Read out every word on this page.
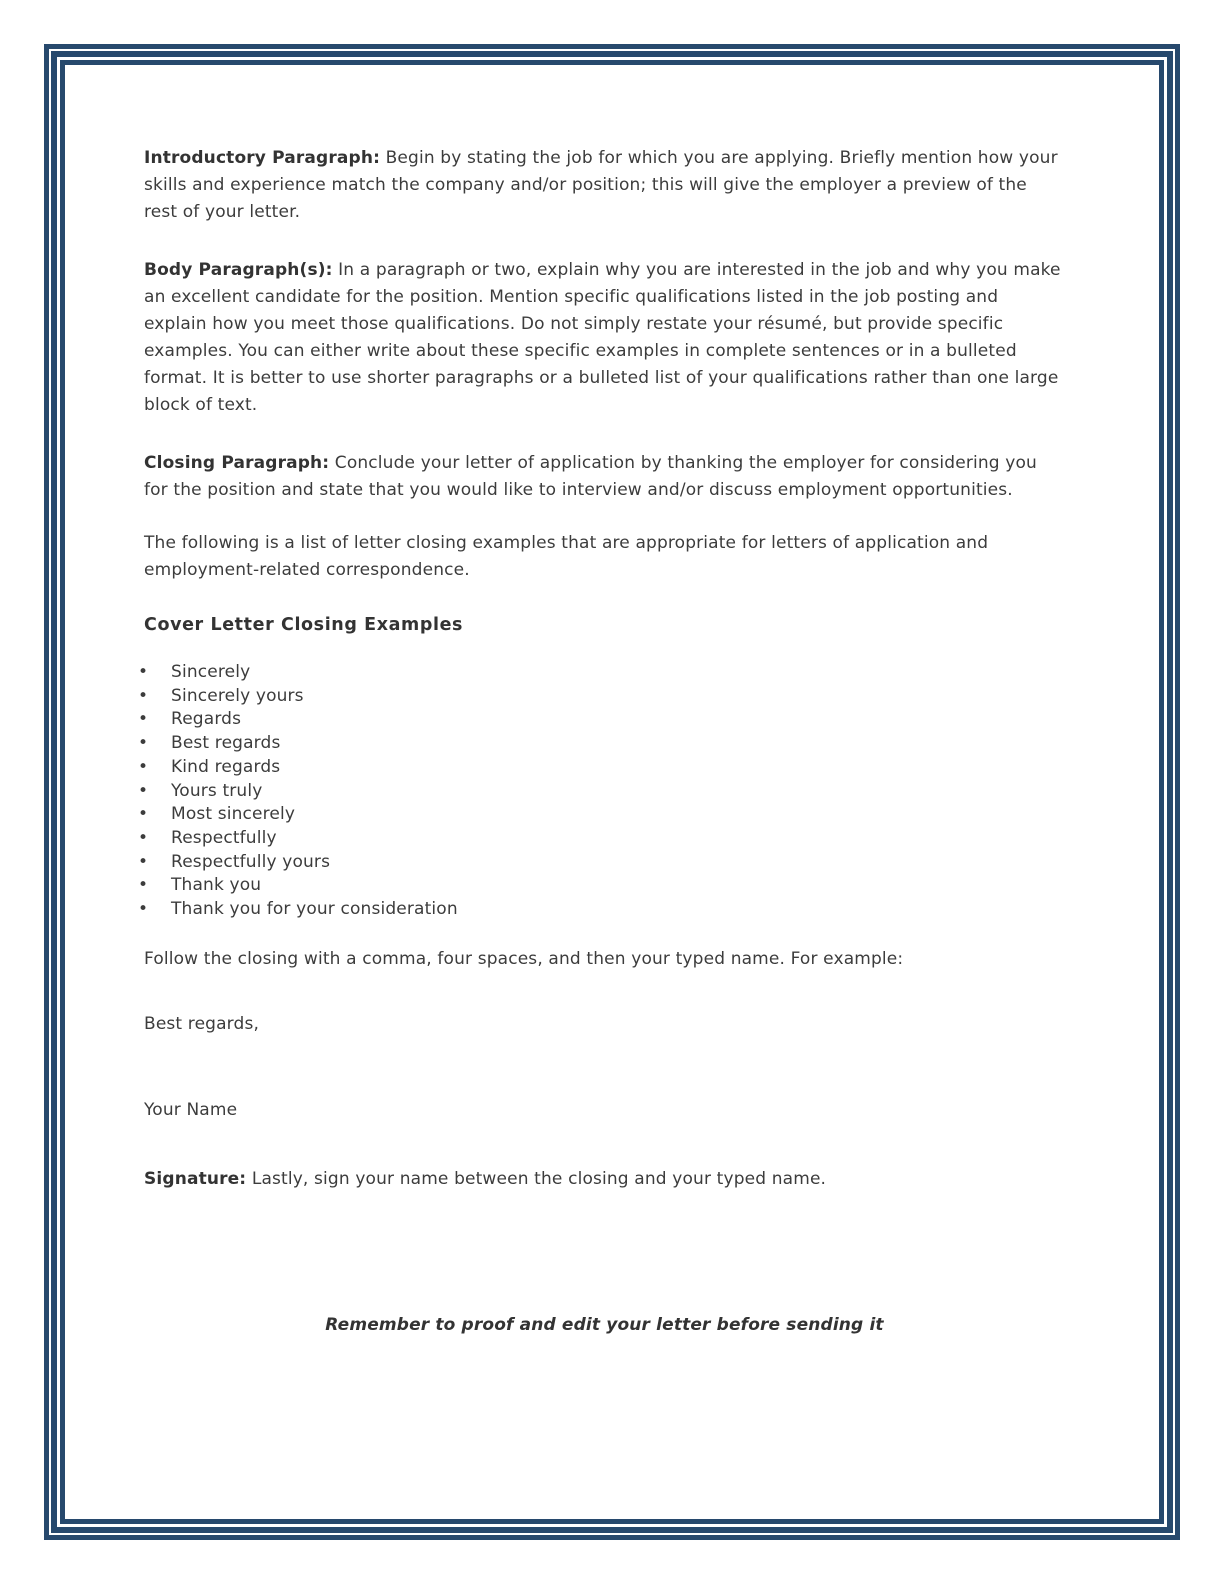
Introductory Paragraph: Begin by stating the job for which you are applying. Briefly mention how your skills and experience match the company and/or position; this will give the employer a preview of the rest of your letter.

Body Paragraph(s): In a paragraph or two, explain why you are interested in the job and why you make an excellent candidate for the position. Mention specific qualifications listed in the job posting and explain how you meet those qualifications. Do not simply restate your résumé, but provide specific examples. You can either write about these specific examples in complete sentences or in a bulleted format. It is better to use shorter paragraphs or a bulleted list of your qualifications rather than one large block of text.

Closing Paragraph: Conclude your letter of application by thanking the employer for considering you for the position and state that you would like to interview and/or discuss employment opportunities.

The following is a list of letter closing examples that are appropriate for letters of application and employment-related correspondence.

Cover Letter Closing Examples
• Sincerely
• Sincerely yours
• Regards
• Best regards
• Kind regards
• Yours truly
• Most sincerely
• Respectfully
• Respectfully yours
• Thank you
• Thank you for your consideration

Follow the closing with a comma, four spaces, and then your typed name. For example:

Best regards,

Your Name

Signature: Lastly, sign your name between the closing and your typed name.

Remember to proof and edit your letter before sending it
